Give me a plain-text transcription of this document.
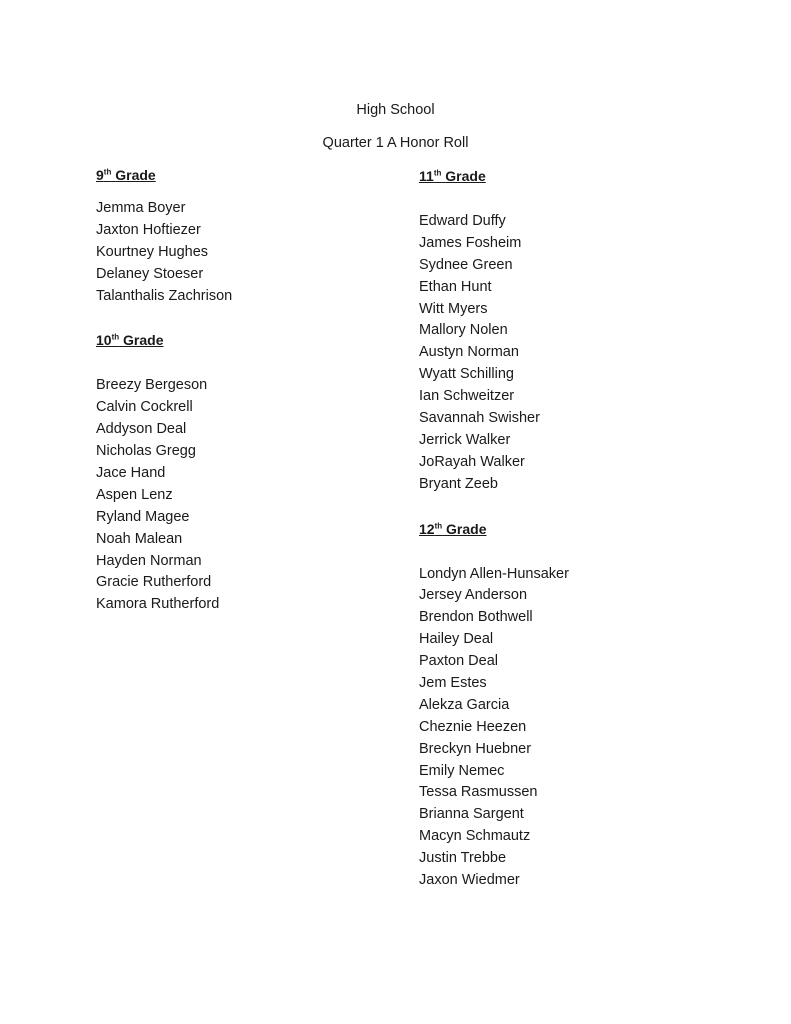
High School
Quarter 1 A Honor Roll
9th Grade
Jemma Boyer
Jaxton Hoftiezer
Kourtney Hughes
Delaney Stoeser
Talanthalis Zachrison
10th Grade
Breezy Bergeson
Calvin Cockrell
Addyson Deal
Nicholas Gregg
Jace Hand
Aspen Lenz
Ryland Magee
Noah Malean
Hayden Norman
Gracie Rutherford
Kamora Rutherford
11th Grade
Edward Duffy
James Fosheim
Sydnee Green
Ethan Hunt
Witt Myers
Mallory Nolen
Austyn Norman
Wyatt Schilling
Ian Schweitzer
Savannah Swisher
Jerrick Walker
JoRayah Walker
Bryant Zeeb
12th Grade
Londyn Allen-Hunsaker
Jersey Anderson
Brendon Bothwell
Hailey Deal
Paxton Deal
Jem Estes
Alekza Garcia
Cheznie Heezen
Breckyn Huebner
Emily Nemec
Tessa Rasmussen
Brianna Sargent
Macyn Schmautz
Justin Trebbe
Jaxon Wiedmer
